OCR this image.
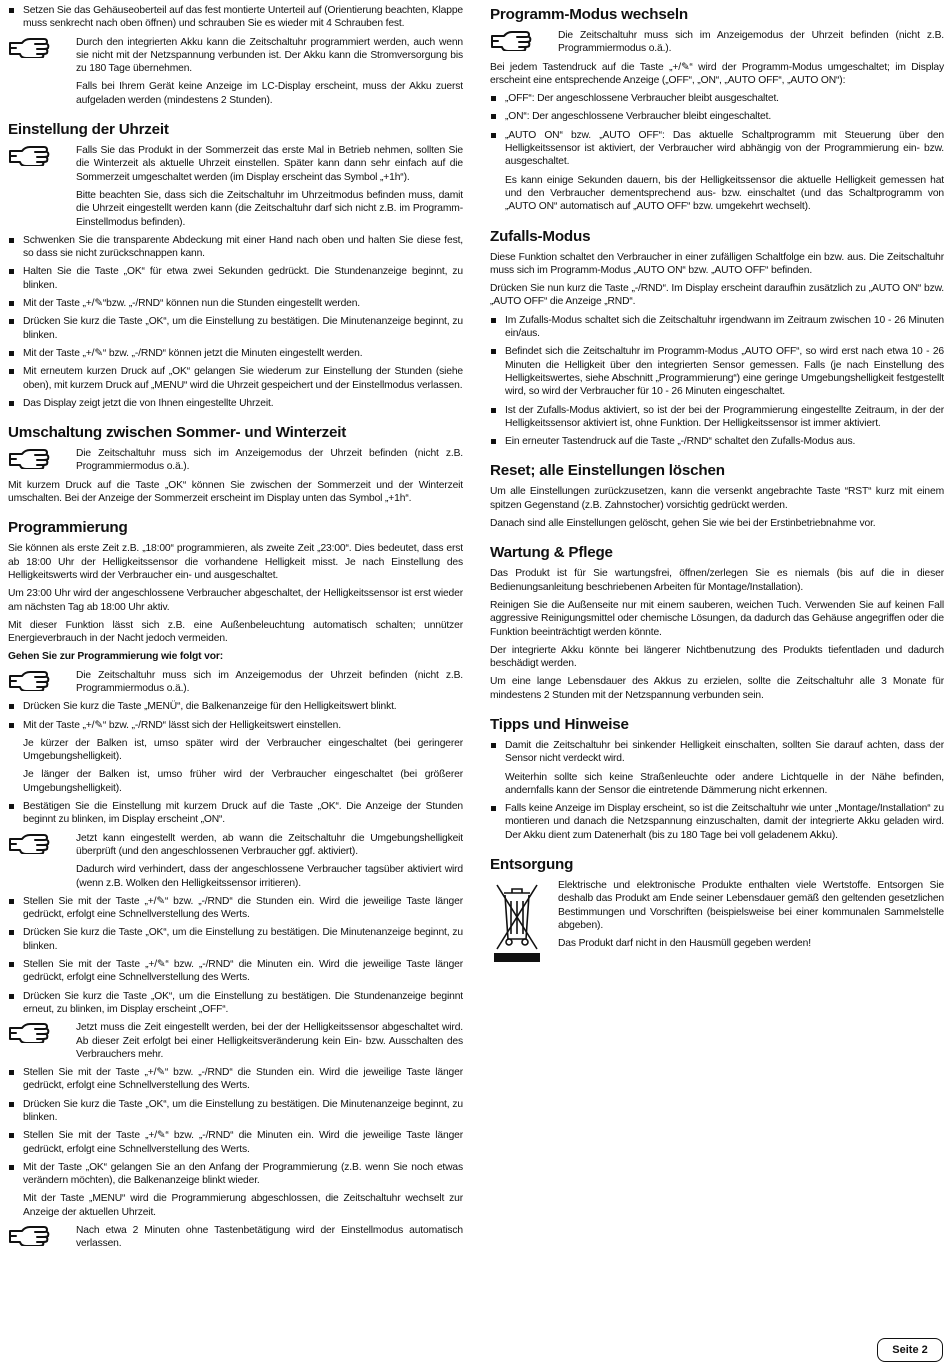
Setzen Sie das Gehäuseoberteil auf das fest montierte Unterteil auf (Orientierung beachten, Klappe muss senkrecht nach oben öffnen) und schrauben Sie es wieder mit 4 Schrauben fest.

Durch den integrierten Akku kann die Zeitschaltuhr programmiert werden, auch wenn sie nicht mit der Netzspannung verbunden ist. Der Akku kann die Stromversorgung bis zu 180 Tage übernehmen.

Falls bei Ihrem Gerät keine Anzeige im LC-Display erscheint, muss der Akku zuerst aufgeladen werden (mindestens 2 Stunden).

Einstellung der Uhrzeit

Falls Sie das Produkt in der Sommerzeit das erste Mal in Betrieb nehmen, sollten Sie die Winterzeit als aktuelle Uhrzeit einstellen. Später kann dann sehr einfach auf die Sommerzeit umgeschaltet werden (im Display erscheint das Symbol „+1h“).

Bitte beachten Sie, dass sich die Zeitschaltuhr im Uhrzeitmodus befinden muss, damit die Uhrzeit eingestellt werden kann (die Zeitschaltuhr darf sich nicht z.B. im Programm-Einstellmodus befinden).

Schwenken Sie die transparente Abdeckung mit einer Hand nach oben und halten Sie diese fest, so dass sie nicht zurückschnappen kann.
Halten Sie die Taste „OK“ für etwa zwei Sekunden gedrückt. Die Stundenanzeige beginnt, zu blinken.
Mit der Taste „+/✎“bzw. „-/RND“ können nun die Stunden eingestellt werden.
Drücken Sie kurz die Taste „OK“, um die Einstellung zu bestätigen. Die Minutenanzeige beginnt, zu blinken.
Mit der Taste „+/✎“ bzw. „-/RND“ können jetzt die Minuten eingestellt werden.
Mit erneutem kurzen Druck auf „OK“ gelangen Sie wiederum zur Einstellung der Stunden (siehe oben), mit kurzem Druck auf „MENU“ wird die Uhrzeit gespeichert und der Einstellmodus verlassen.
Das Display zeigt jetzt die von Ihnen eingestellte Uhrzeit.
Umschaltung zwischen Sommer- und Winterzeit

Die Zeitschaltuhr muss sich im Anzeigemodus der Uhrzeit befinden (nicht z.B. Programmiermodus o.ä.).

Mit kurzem Druck auf die Taste „OK“ können Sie zwischen der Sommerzeit und der Winterzeit umschalten. Bei der Anzeige der Sommerzeit erscheint im Display unten das Symbol „+1h“.

Programmierung

Sie können als erste Zeit z.B. „18:00“ programmieren, als zweite Zeit „23:00“. Dies bedeutet, dass erst ab 18:00 Uhr der Helligkeitssensor die vorhandene Helligkeit misst. Je nach Einstellung des Helligkeitswerts wird der Verbraucher ein- und ausgeschaltet.

Um 23:00 Uhr wird der angeschlossene Verbraucher abgeschaltet, der Helligkeitssensor ist erst wieder am nächsten Tag ab 18:00 Uhr aktiv.

Mit dieser Funktion lässt sich z.B. eine Außenbeleuchtung automatisch schalten; unnützer Energieverbrauch in der Nacht jedoch vermeiden.

Gehen Sie zur Programmierung wie folgt vor:

Die Zeitschaltuhr muss sich im Anzeigemodus der Uhrzeit befinden (nicht z.B. Programmiermodus o.ä.).

Drücken Sie kurz die Taste „MENÜ“, die Balkenanzeige für den Helligkeitswert blinkt.
Mit der Taste „+/✎“ bzw. „-/RND“ lässt sich der Helligkeitswert einstellen.

Je kürzer der Balken ist, umso später wird der Verbraucher eingeschaltet (bei geringerer Umgebungshelligkeit).

Je länger der Balken ist, umso früher wird der Verbraucher eingeschaltet (bei größerer Umgebungshelligkeit).

Bestätigen Sie die Einstellung mit kurzem Druck auf die Taste „OK“. Die Anzeige der Stunden beginnt zu blinken, im Display erscheint „ON“.

Jetzt kann eingestellt werden, ab wann die Zeitschaltuhr die Umgebungshelligkeit überprüft (und den angeschlossenen Verbraucher ggf. aktiviert).

Dadurch wird verhindert, dass der angeschlossene Verbraucher tagsüber aktiviert wird (wenn z.B. Wolken den Helligkeitssensor irritieren).

Stellen Sie mit der Taste „+/✎“ bzw. „-/RND“ die Stunden ein. Wird die jeweilige Taste länger gedrückt, erfolgt eine Schnellverstellung des Werts.
Drücken Sie kurz die Taste „OK“, um die Einstellung zu bestätigen. Die Minutenanzeige beginnt, zu blinken.
Stellen Sie mit der Taste „+/✎“ bzw. „-/RND“ die Minuten ein. Wird die jeweilige Taste länger gedrückt, erfolgt eine Schnellverstellung des Werts.
Drücken Sie kurz die Taste „OK“, um die Einstellung zu bestätigen. Die Stundenanzeige beginnt erneut, zu blinken, im Display erscheint „OFF“.

Jetzt muss die Zeit eingestellt werden, bei der der Helligkeitssensor abgeschaltet wird. Ab dieser Zeit erfolgt bei einer Helligkeitsveränderung kein Ein- bzw. Ausschalten des Verbrauchers mehr.

Stellen Sie mit der Taste „+/✎“ bzw. „-/RND“ die Stunden ein. Wird die jeweilige Taste länger gedrückt, erfolgt eine Schnellverstellung des Werts.
Drücken Sie kurz die Taste „OK“, um die Einstellung zu bestätigen. Die Minutenanzeige beginnt, zu blinken.
Stellen Sie mit der Taste „+/✎“ bzw. „-/RND“ die Minuten ein. Wird die jeweilige Taste länger gedrückt, erfolgt eine Schnellverstellung des Werts.
Mit der Taste „OK“ gelangen Sie an den Anfang der Programmierung (z.B. wenn Sie noch etwas verändern möchten), die Balkenanzeige blinkt wieder.

Mit der Taste „MENU“ wird die Programmierung abgeschlossen, die Zeitschaltuhr wechselt zur Anzeige der aktuellen Uhrzeit.

Nach etwa 2 Minuten ohne Tastenbetätigung wird der Einstellmodus automatisch verlassen.

Programm-Modus wechseln

Die Zeitschaltuhr muss sich im Anzeigemodus der Uhrzeit befinden (nicht z.B. Programmiermodus o.ä.).

Bei jedem Tastendruck auf die Taste „+/✎“ wird der Programm-Modus umgeschaltet; im Display erscheint eine entsprechende Anzeige („OFF“, „ON“, „AUTO OFF“, „AUTO ON“):

„OFF“: Der angeschlossene Verbraucher bleibt ausgeschaltet.
„ON“: Der angeschlossene Verbraucher bleibt eingeschaltet.
„AUTO ON“ bzw. „AUTO OFF“: Das aktuelle Schaltprogramm mit Steuerung über den Helligkeitssensor ist aktiviert, der Verbraucher wird abhängig von der Programmierung ein- bzw. ausgeschaltet.

Es kann einige Sekunden dauern, bis der Helligkeitssensor die aktuelle Helligkeit gemessen hat und den Verbraucher dementsprechend aus- bzw. einschaltet (und das Schaltprogramm von „AUTO ON“ automatisch auf „AUTO OFF“ bzw. umgekehrt wechselt).

Zufalls-Modus

Diese Funktion schaltet den Verbraucher in einer zufälligen Schaltfolge ein bzw. aus. Die Zeitschaltuhr muss sich im Programm-Modus „AUTO ON“ bzw. „AUTO OFF“ befinden.

Drücken Sie nun kurz die Taste „-/RND“. Im Display erscheint daraufhin zusätzlich zu „AUTO ON“ bzw. „AUTO OFF“ die Anzeige „RND“.

Im Zufalls-Modus schaltet sich die Zeitschaltuhr irgendwann im Zeitraum zwischen 10 - 26 Minuten ein/aus.
Befindet sich die Zeitschaltuhr im Programm-Modus „AUTO OFF“, so wird erst nach etwa 10 - 26 Minuten die Helligkeit über den integrierten Sensor gemessen. Falls (je nach Einstellung des Helligkeitswertes, siehe Abschnitt „Programmierung“) eine geringe Umgebungshelligkeit festgestellt wird, so wird der Verbraucher für 10 - 26 Minuten eingeschaltet.
Ist der Zufalls-Modus aktiviert, so ist der bei der Programmierung eingestellte Zeitraum, in der der Helligkeitssensor aktiviert ist, ohne Funktion. Der Helligkeitssensor ist immer aktiviert.
Ein erneuter Tastendruck auf die Taste „-/RND“ schaltet den Zufalls-Modus aus.
Reset; alle Einstellungen löschen

Um alle Einstellungen zurückzusetzen, kann die versenkt angebrachte Taste “RST“ kurz mit einem spitzen Gegenstand (z.B. Zahnstocher) vorsichtig gedrückt werden.

Danach sind alle Einstellungen gelöscht, gehen Sie wie bei der Erstinbetriebnahme vor.

Wartung & Pflege

Das Produkt ist für Sie wartungsfrei, öffnen/zerlegen Sie es niemals (bis auf die in dieser Bedienungsanleitung beschriebenen Arbeiten für Montage/Installation).

Reinigen Sie die Außenseite nur mit einem sauberen, weichen Tuch. Verwenden Sie auf keinen Fall aggressive Reinigungsmittel oder chemische Lösungen, da dadurch das Gehäuse angegriffen oder die Funktion beeinträchtigt werden könnte.

Der integrierte Akku könnte bei längerer Nichtbenutzung des Produkts tiefentladen und dadurch beschädigt werden.

Um eine lange Lebensdauer des Akkus zu erzielen, sollte die Zeitschaltuhr alle 3 Monate für mindestens 2 Stunden mit der Netzspannung verbunden sein.

Tipps und Hinweise
Damit die Zeitschaltuhr bei sinkender Helligkeit einschalten, sollten Sie darauf achten, dass der Sensor nicht verdeckt wird.

Weiterhin sollte sich keine Straßenleuchte oder andere Lichtquelle in der Nähe befinden, andernfalls kann der Sensor die eintretende Dämmerung nicht erkennen.

Falls keine Anzeige im Display erscheint, so ist die Zeitschaltuhr wie unter „Montage/Installation“ zu montieren und danach die Netzspannung einzuschalten, damit der integrierte Akku geladen wird. Der Akku dient zum Datenerhalt (bis zu 180 Tage bei voll geladenem Akku).
Entsorgung

Elektrische und elektronische Produkte enthalten viele Wertstoffe. Entsorgen Sie deshalb das Produkt am Ende seiner Lebensdauer gemäß den geltenden gesetzlichen Bestimmungen und Vorschriften (beispielsweise bei einer kommunalen Sammelstelle abgeben).

Das Produkt darf nicht in den Hausmüll gegeben werden!

Seite 2
